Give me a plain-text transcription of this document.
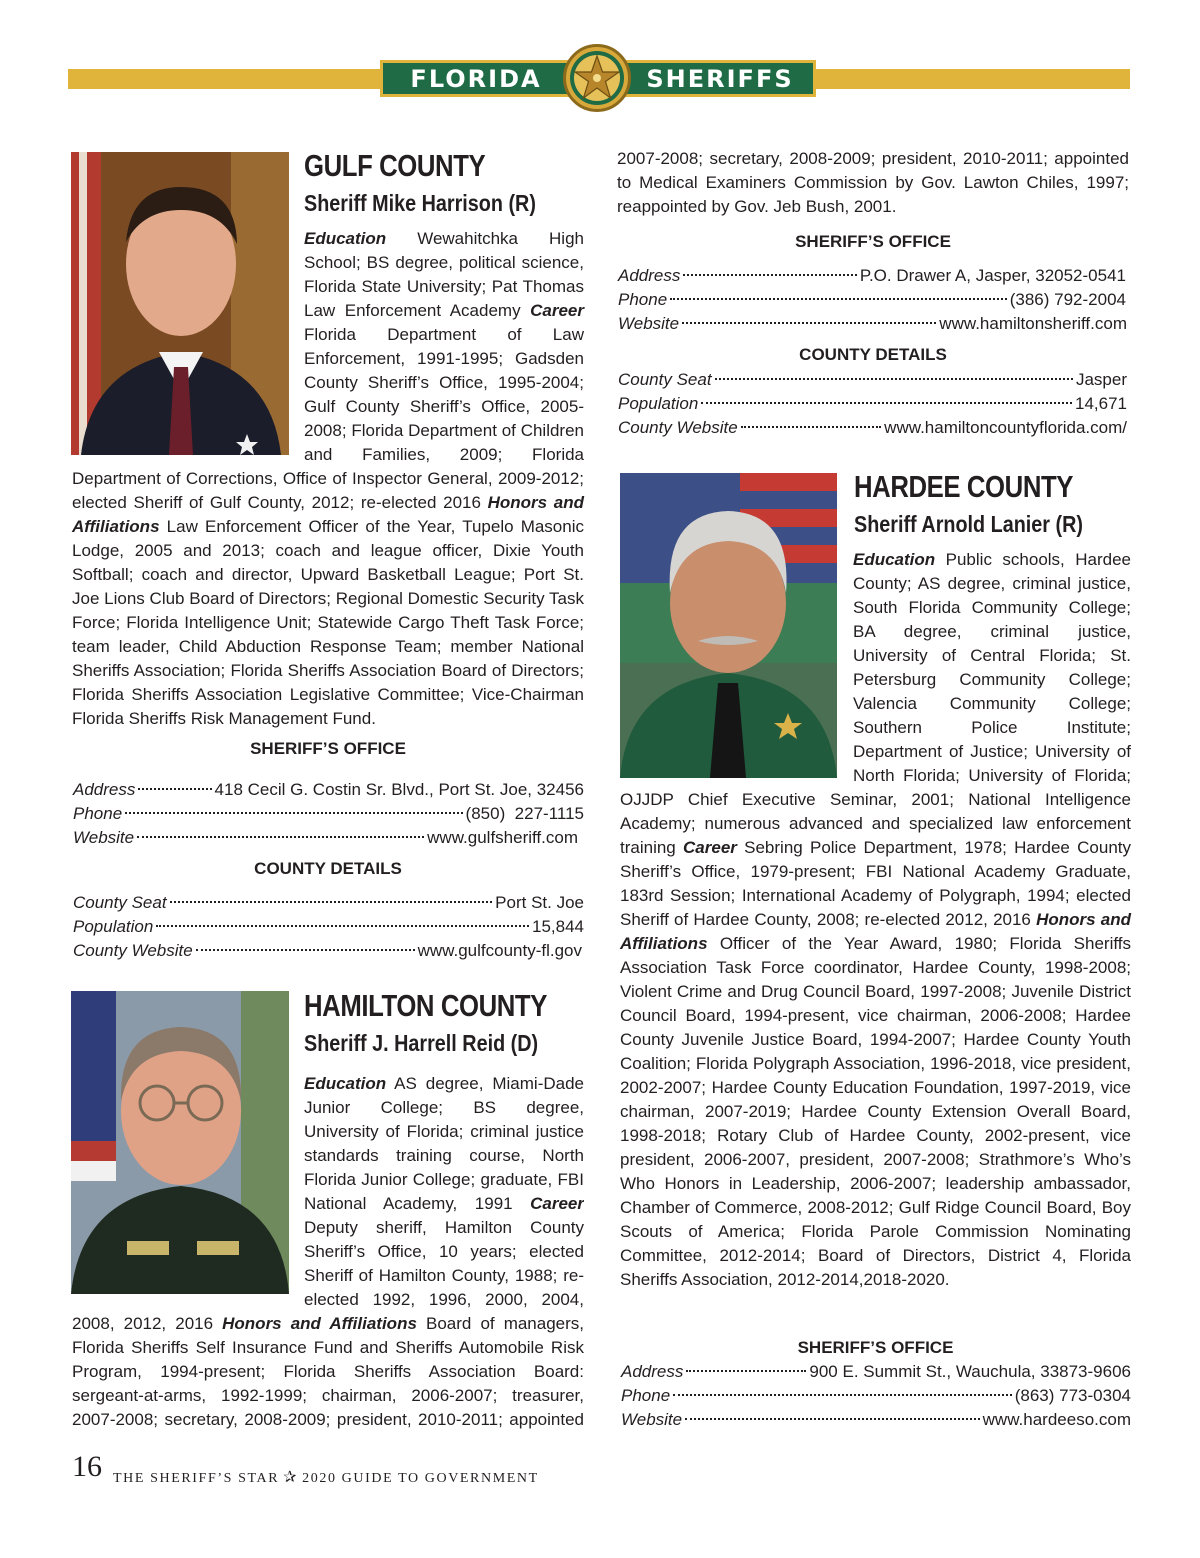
FLORIDA	SHERIFFS
GULF COUNTY
Sheriff Mike Harrison (R)
Education Wewahitchka High School; BS degree, political science, Florida State University; Pat Thomas Law Enforcement Academy Career Florida Department of Law Enforcement, 1991-1995; Gadsden County Sheriff’s Office, 1995-2004; Gulf County Sheriff’s Office, 2005-2008; Florida Department of Children and Families, 2009; Florida Department of Corrections, Office of Inspector General, 2009-2012; elected Sheriff of Gulf County, 2012; re-elected 2016 Honors and Affiliations Law Enforcement Officer of the Year, Tupelo Masonic Lodge, 2005 and 2013; coach and league officer, Dixie Youth Softball; coach and director, Upward Basketball League; Port St. Joe Lions Club Board of Directors; Regional Domestic Security Task Force; Florida Intelligence Unit; Statewide Cargo Theft Task Force; team leader, Child Abduction Response Team; member National Sheriffs Association; Florida Sheriffs Association Board of Directors; Florida Sheriffs Association Legislative Committee; Vice-Chairman Florida Sheriffs Risk Management Fund.
SHERIFF’S OFFICE
Address	418 Cecil G. Costin Sr. Blvd., Port St. Joe, 32456
Phone	(850)  227-1115
Website	www.gulfsheriff.com
COUNTY DETAILS
County Seat	Port St. Joe
Population	15,844
County Website	www.gulfcounty-fl.gov
HAMILTON COUNTY
Sheriff J. Harrell Reid (D)
Education AS degree, Miami-Dade Junior College; BS degree, University of Florida; criminal justice standards training course, North Florida Junior College; graduate, FBI National Academy, 1991 Career Deputy sheriff, Hamilton County Sheriff’s Office, 10 years; elected Sheriff of Hamilton County, 1988; re-elected 1992, 1996, 2000, 2004, 2008, 2012, 2016 Honors and Affiliations Board of managers, Florida Sheriffs Self Insurance Fund and Sheriffs Automobile Risk Program, 1994-present; Florida Sheriffs Association Board: sergeant-at-arms, 1992-1999; chairman, 2006-2007; treasurer, 2007-2008; secretary, 2008-2009; president, 2010-2011; appointed
2007-2008; secretary, 2008-2009; president, 2010-2011; appointed to Medical Examiners Commission by Gov. Lawton Chiles, 1997; reappointed by Gov. Jeb Bush, 2001.
SHERIFF’S OFFICE
Address	P.O. Drawer A, Jasper, 32052-0541
Phone	(386) 792-2004
Website	www.hamiltonsheriff.com
COUNTY DETAILS
County Seat	Jasper
Population	14,671
County Website	www.hamiltoncountyflorida.com/
HARDEE COUNTY
Sheriff Arnold Lanier (R)
Education Public schools, Hardee County; AS degree, criminal justice, South Florida Community College; BA degree, criminal justice, University of Central Florida; St. Petersburg Community College; Valencia Community College; Southern Police Institute; Department of Justice; University of North Florida; University of Florida; OJJDP Chief Executive Seminar, 2001; National Intelligence Academy; numerous advanced and specialized law enforcement training Career Sebring Police Department, 1978; Hardee County Sheriff’s Office, 1979-present; FBI National Academy Graduate, 183rd Session; International Academy of Polygraph, 1994; elected Sheriff of Hardee County, 2008; re-elected 2012, 2016 Honors and Affiliations Officer of the Year Award, 1980; Florida Sheriffs Association Task Force coordinator, Hardee County, 1998-2008; Violent Crime and Drug Council Board, 1997-2008; Juvenile District Council Board, 1994-present, vice chairman, 2006-2008; Hardee County Juvenile Justice Board, 1994-2007; Hardee County Youth Coalition; Florida Polygraph Association, 1996-2018, vice president, 2002-2007; Hardee County Education Foundation, 1997-2019, vice chairman, 2007-2019; Hardee County Extension Overall Board, 1998-2018; Rotary Club of Hardee County, 2002-present, vice president, 2006-2007, president, 2007-2008; Strathmore’s Who’s Who Honors in Leadership, 2006-2007; leadership ambassador, Chamber of Commerce, 2008-2012; Gulf Ridge Council Board, Boy Scouts of America; Florida Parole Commission Nominating Committee, 2012-2014; Board of Directors, District 4, Florida Sheriffs Association, 2012-2014,2018-2020.
SHERIFF’S OFFICE
Address	900 E. Summit St., Wauchula, 33873-9606
Phone	(863) 773-0304
Website	www.hardeeso.com
16 THE SHERIFF’S STAR ✰ 2020 GUIDE TO GOVERNMENT
